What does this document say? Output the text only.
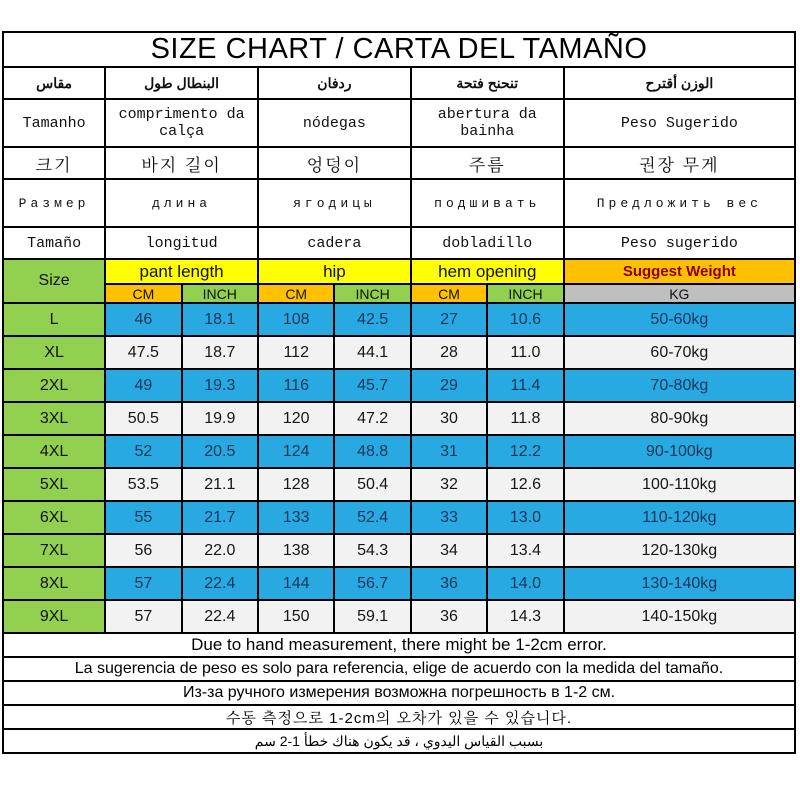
SIZE CHART / CARTA DEL TAMAÑO							
مقاس	البنطال طول		ردفان		تنحنح فتحة		الوزن أقترح
Tamanho	comprimento da calça		nódegas		abertura da bainha		Peso Sugerido
크기	바지 길이		엉덩이		주름		권장 무게
Размер	длина		ягодицы		подшивать		Предложить вес
Tamaño	longitud		cadera		dobladillo		Peso sugerido
Size	pant length		hip		hem opening		Suggest Weight
	CM	INCH	CM	INCH	CM	INCH	KG
L	46	18.1	108	42.5	27	10.6	50-60kg
XL	47.5	18.7	112	44.1	28	11.0	60-70kg
2XL	49	19.3	116	45.7	29	11.4	70-80kg
3XL	50.5	19.9	120	47.2	30	11.8	80-90kg
4XL	52	20.5	124	48.8	31	12.2	90-100kg
5XL	53.5	21.1	128	50.4	32	12.6	100-110kg
6XL	55	21.7	133	52.4	33	13.0	110-120kg
7XL	56	22.0	138	54.3	34	13.4	120-130kg
8XL	57	22.4	144	56.7	36	14.0	130-140kg
9XL	57	22.4	150	59.1	36	14.3	140-150kg
Due to hand measurement, there might be 1-2cm error.							
La sugerencia de peso es solo para referencia, elige de acuerdo con la medida del tamaño.							
Из-за ручного измерения возможна погрешность в 1-2 см.							
수동 측정으로 1-2cm의 오차가 있을 수 있습니다.							
بسبب القياس اليدوي ، قد يكون هناك خطأ 1-2 سم							
